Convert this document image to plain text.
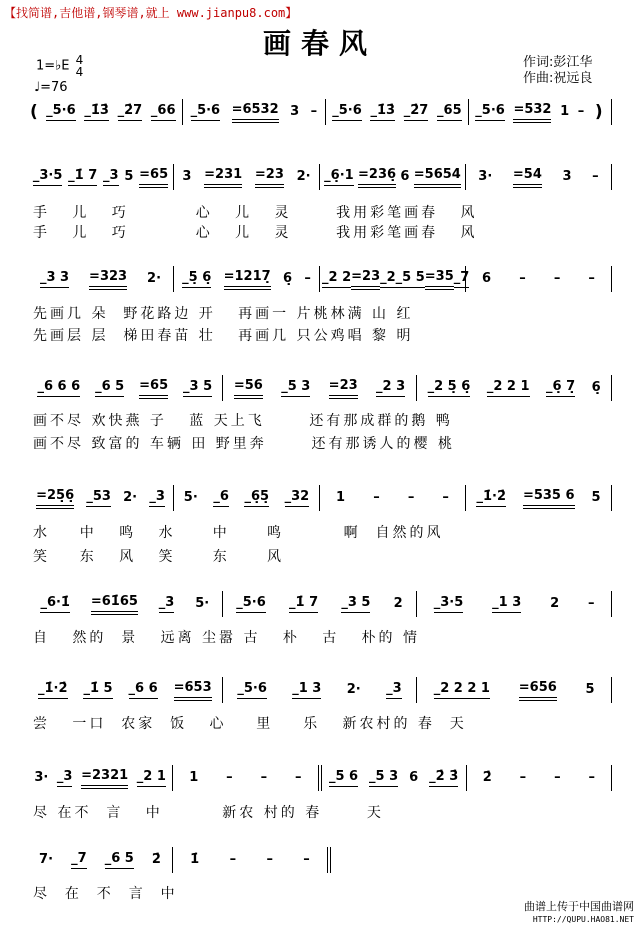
【找简谱,吉他谱,钢琴谱,就上 www.jianpu8.com】
画春风
1=♭E 4
4
♩=76
作词:彭江华
作曲:祝远良
( _5·6 _1̇3̇ _2̇7 _66 _5·6 =6532 3 – _5·6 _1̇3̇ _2̇7 _65 _5·6 =532 1 – )
_3·5 _1̇ 7 _3 5 =65 3 =231 =23 2· _6̣·1 =236̣ 6 =5654 3· =54 3 –
_3 3 =323 2· _5̣ 6̣ =1217̣ 6̣ – _2 2 =23 _2 _5 5 =35 _7 6 – – –
_6 6 6 _6 5 =65 _3 5 =56 _5 3 =23 _2 3 _2 5̣ 6̣ _2 2 1 _6̣ 7̣ 6̣
=25̣6̣ _53 2· _3 5· _6 _6̣5̣ _32 1 – – – _1̇·2̇ =535 6 5
_6·1̇ =61̇65 _3 5· _5·6 _1̇ 7 _3 5 2 _3·5 _1 3 2 –
_1̇·2̇ _1̇ 5 _6 6 =653 _5·6 _1 3 2· _3 _2 2 2 1 =656 5
3· _3 =2321 _2 1 1 – – – _5 6 _5 3 6 _2̇ 3̇ 2̇ – – –
7· _7 _6 5 2̇ 1̇ – – –
曲谱上传于中国曲谱网
HTTP://QUPU.HAO81.NET
手   儿   巧         心   儿   灵      我用彩笔画春   风
手   儿   巧         心   儿   灵      我用彩笔画春   风
先画几 朵  野花路边 开   再画一 片桃林满 山 红
先画层 层  梯田春苗 壮   再画几 只公鸡唱 黎 明
画不尽 欢快燕 子   蓝 天上飞      还有那成群的鹅 鸭
画不尽 致富的 车辆 田 野里奔      还有那诱人的樱 桃
水    中   鸣   水     中     鸣        啊  自然的风
笑    东   风   笑     东     风
自   然的  景   远离 尘嚣 古   朴   古   朴的 情
尝   一口  农家  饭   心    里    乐   新农村的 春  天
尽 在不  言   中        新农 村的 春      天
尽  在  不  言  中
